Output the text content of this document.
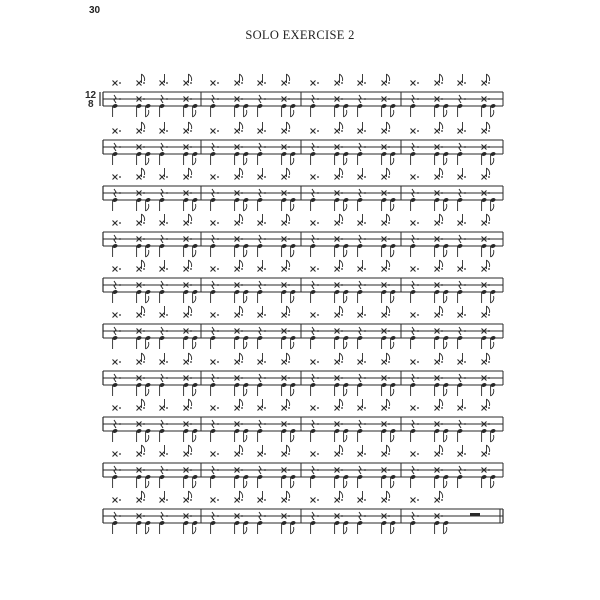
30
SOLO EXERCISE 2
12
8
